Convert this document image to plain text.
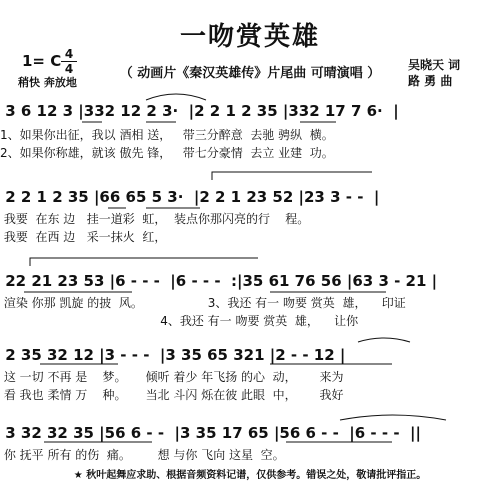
一吻赏英雄
（ 动画片《秦汉英雄传》片尾曲 可晴演唱 ）
1= C 4
4
稍快 奔放地
吴晓天 词
路 勇 曲
3 6 12 3 |332 12 2 3·  |2 2 1 2 35 |332 17 7 6·  |
1、如果你出征，我以 酒相 送，   带三分醉意  去驰 骋纵  横。
2、如果你称雄，就该 傲先 锋，   带七分豪情  去立 业建  功。
2 2 1 2 35 |66 65 5 3·  |2 2 1 23 52 |23 3 - -  |
我要  在东 边   挂一道彩  虹，  装点你那闪亮的行    程。
我要  在西 边   采一抹火  红，
22 21 23 53 |6 - - -  |6 - - -  :|35 61 76 56 |63 3 - 21 |
渲染 你那 凯旋 的披  风。                 3、我还 有一 吻要 赏英  雄，    印证
4、我还 有一 吻要 赏英  雄，    让你
2 35 32 12 |3 - - -  |3 35 65 321 |2 - - 12 |
这 一切 不再 是    梦。     倾听 着少 年飞扬 的心  动，      来为
看 我也 柔情 万    种。     当北 斗闪 烁在彼 此眼  中，      我好
3 32 32 35 |56 6 - -  |3 35 17 65 |56 6 - -  |6 - - -  ||
你 抚平 所有 的伤  痛。       想 与你 飞向 这星  空。
★ 秋叶起舞应求助、根据音频资料记谱，仅供参考。错误之处，敬请批评指正。
